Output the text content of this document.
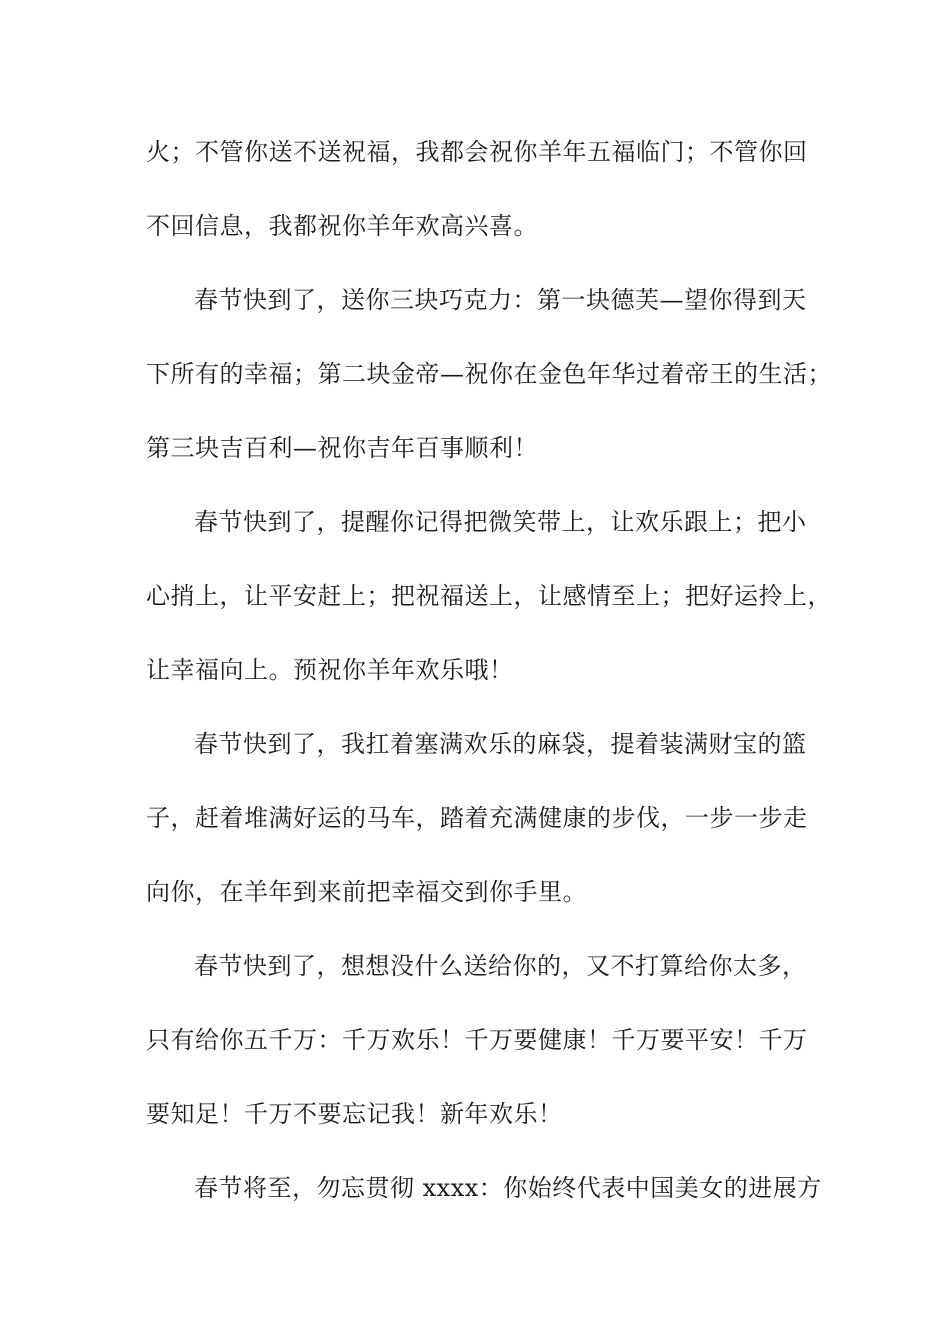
火；不管你送不送祝福，我都会祝你羊年五福临门；不管你回
不回信息，我都祝你羊年欢高兴喜。
春节快到了，送你三块巧克力：第一块德芙—望你得到天
下所有的幸福；第二块金帝—祝你在金色年华过着帝王的生活；
第三块吉百利—祝你吉年百事顺利！
春节快到了，提醒你记得把微笑带上，让欢乐跟上；把小
心捎上，让平安赶上；把祝福送上，让感情至上；把好运拎上，
让幸福向上。预祝你羊年欢乐哦！
春节快到了，我扛着塞满欢乐的麻袋，提着装满财宝的篮
子，赶着堆满好运的马车，踏着充满健康的步伐，一步一步走
向你，在羊年到来前把幸福交到你手里。
春节快到了，想想没什么送给你的，又不打算给你太多，
只有给你五千万：千万欢乐！千万要健康！千万要平安！千万
要知足！千万不要忘记我！新年欢乐！
春节将至，勿忘贯彻 xxxx：你始终代表中国美女的进展方
